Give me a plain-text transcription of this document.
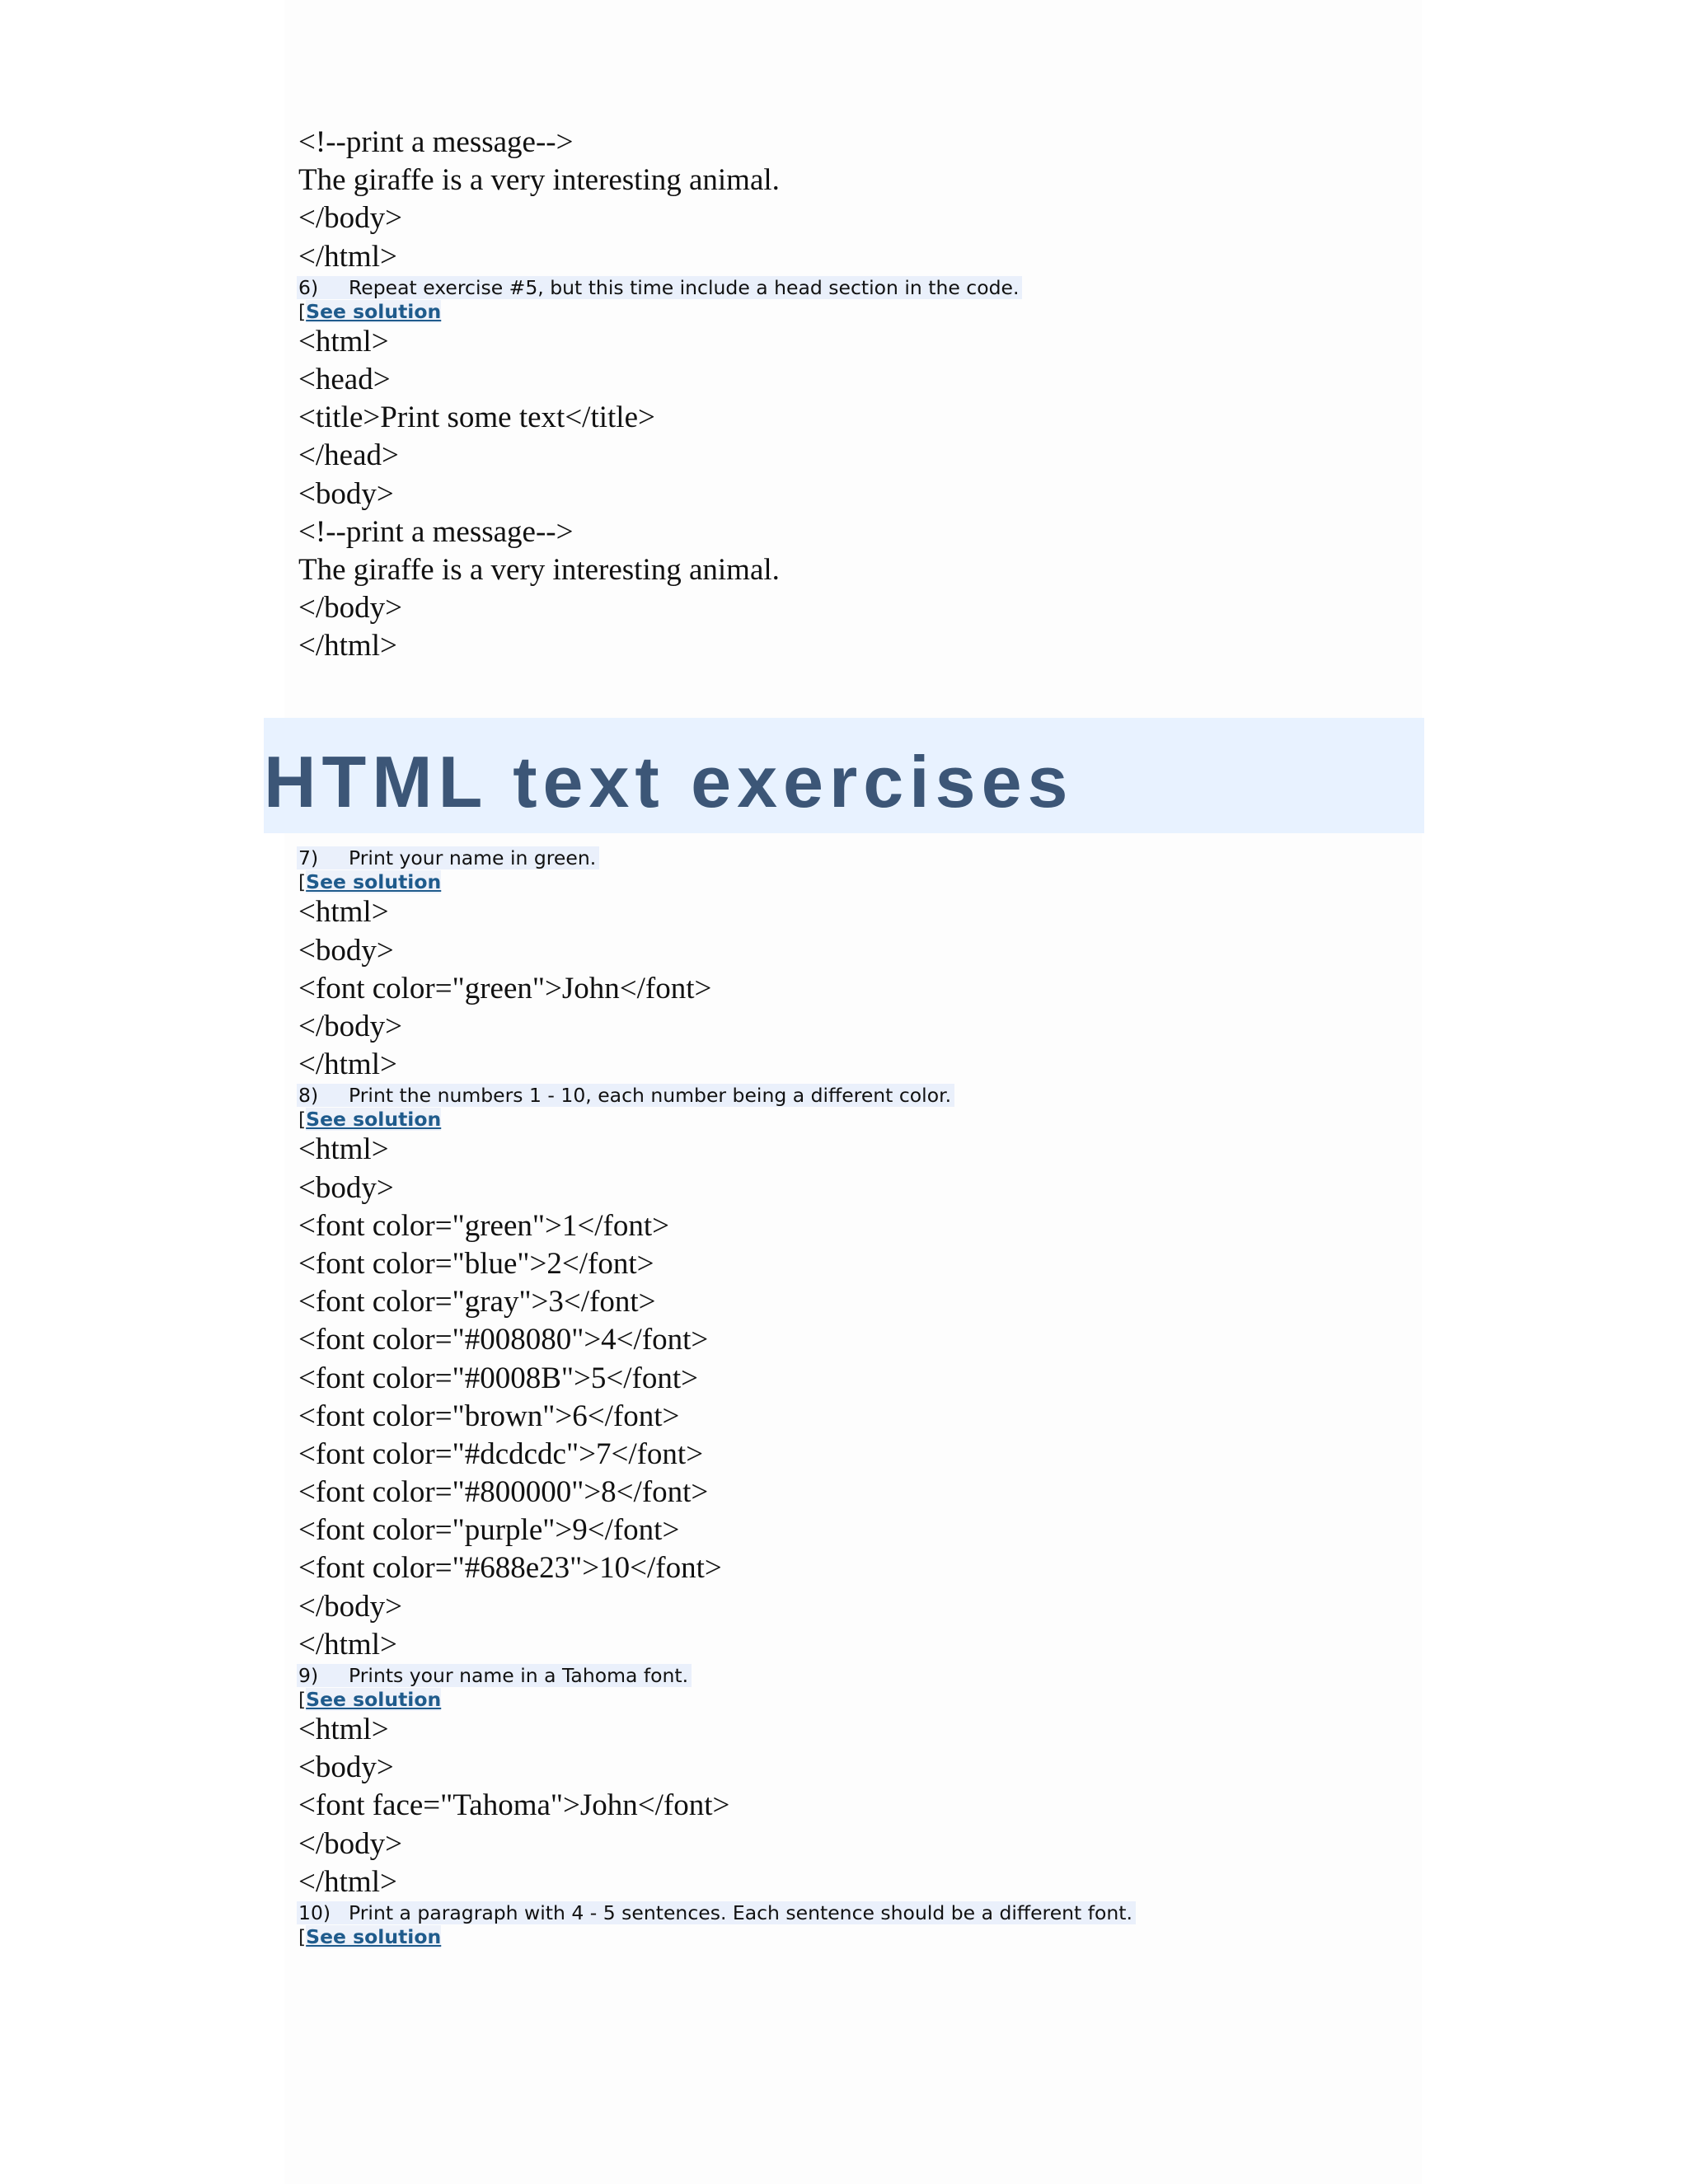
<!--print a message-->
The giraffe is a very interesting animal.
</body>
</html>
6) Repeat exercise #5, but this time include a head section in the code.
[See solution
<html>
<head>
<title>Print some text</title>
</head>
<body>
<!--print a message-->
The giraffe is a very interesting animal.
</body>
</html>
HTML text exercises
7) Print your name in green.
[See solution
<html>
<body>
<font color="green">John</font>
</body>
</html>
8) Print the numbers 1 - 10, each number being a different color.
[See solution
<html>
<body>
<font color="green">1</font>
<font color="blue">2</font>
<font color="gray">3</font>
<font color="#008080">4</font>
<font color="#0008B">5</font>
<font color="brown">6</font>
<font color="#dcdcdc">7</font>
<font color="#800000">8</font>
<font color="purple">9</font>
<font color="#688e23">10</font>
</body>
</html>
9) Prints your name in a Tahoma font.
[See solution
<html>
<body>
<font face="Tahoma">John</font>
</body>
</html>
10) Print a paragraph with 4 - 5 sentences. Each sentence should be a different font.
[See solution
